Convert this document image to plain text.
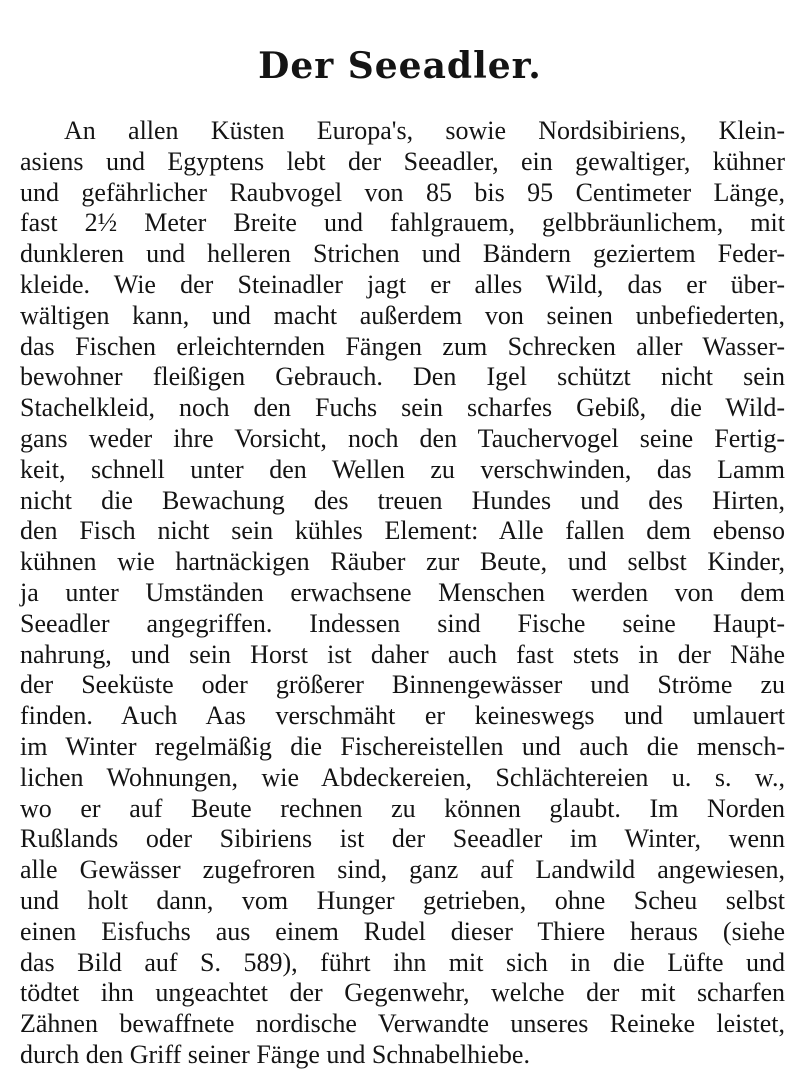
Der Seeadler.
An allen Küsten Europa's, sowie Nordsibiriens, Klein-
asiens und Egyptens lebt der Seeadler, ein gewaltiger, kühner
und gefährlicher Raubvogel von 85 bis 95 Centimeter Länge,
fast 2½ Meter Breite und fahlgrauem, gelbbräunlichem, mit
dunkleren und helleren Strichen und Bändern geziertem Feder-
kleide. Wie der Steinadler jagt er alles Wild, das er über-
wältigen kann, und macht außerdem von seinen unbefiederten,
das Fischen erleichternden Fängen zum Schrecken aller Wasser-
bewohner fleißigen Gebrauch. Den Igel schützt nicht sein
Stachelkleid, noch den Fuchs sein scharfes Gebiß, die Wild-
gans weder ihre Vorsicht, noch den Tauchervogel seine Fertig-
keit, schnell unter den Wellen zu verschwinden, das Lamm
nicht die Bewachung des treuen Hundes und des Hirten,
den Fisch nicht sein kühles Element: Alle fallen dem ebenso
kühnen wie hartnäckigen Räuber zur Beute, und selbst Kinder,
ja unter Umständen erwachsene Menschen werden von dem
Seeadler angegriffen. Indessen sind Fische seine Haupt-
nahrung, und sein Horst ist daher auch fast stets in der Nähe
der Seeküste oder größerer Binnengewässer und Ströme zu
finden. Auch Aas verschmäht er keineswegs und umlauert
im Winter regelmäßig die Fischereistellen und auch die mensch-
lichen Wohnungen, wie Abdeckereien, Schlächtereien u. s. w.,
wo er auf Beute rechnen zu können glaubt. Im Norden
Rußlands oder Sibiriens ist der Seeadler im Winter, wenn
alle Gewässer zugefroren sind, ganz auf Landwild angewiesen,
und holt dann, vom Hunger getrieben, ohne Scheu selbst
einen Eisfuchs aus einem Rudel dieser Thiere heraus (siehe
das Bild auf S. 589), führt ihn mit sich in die Lüfte und
tödtet ihn ungeachtet der Gegenwehr, welche der mit scharfen
Zähnen bewaffnete nordische Verwandte unseres Reineke leistet,
durch den Griff seiner Fänge und Schnabelhiebe.
